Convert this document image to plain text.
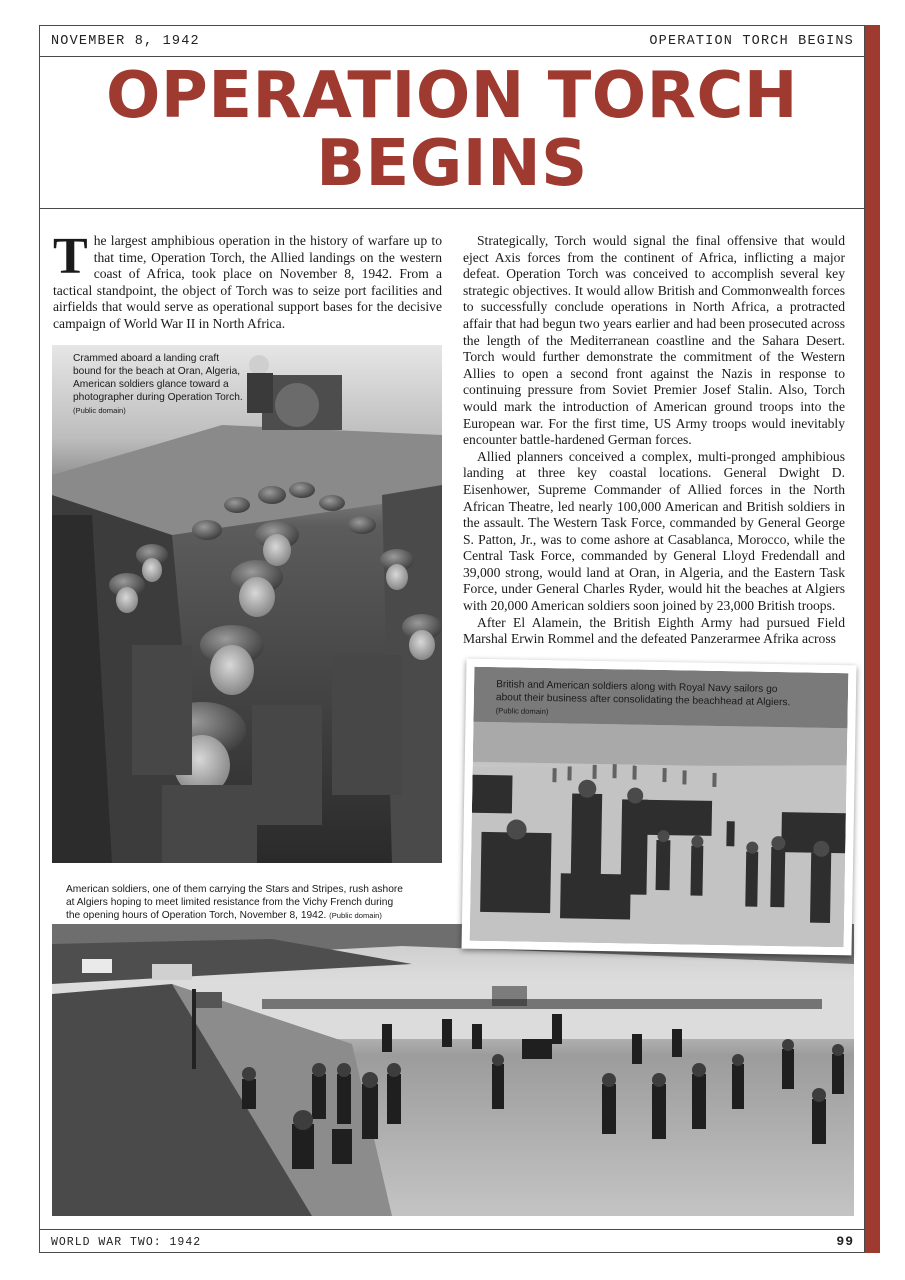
NOVEMBER 8, 1942	OPERATION TORCH BEGINS
OPERATION TORCH
BEGINS

The largest amphibious operation in the history of warfare up to that time, Operation Torch, the Allied landings on the western coast of Africa, took place on November 8, 1942. From a tactical standpoint, the object of Torch was to seize port facilities and airfields that would serve as operational support bases for the decisive campaign of World War II in North Africa.

Strategically, Torch would signal the final offensive that would eject Axis forces from the continent of Africa, inflicting a major defeat. Operation Torch was conceived to accomplish several key strategic objectives. It would allow British and Commonwealth forces to successfully conclude operations in North Africa, a protracted affair that had begun two years earlier and had been prosecuted across the length of the Mediterranean coastline and the Sahara Desert. Torch would further demonstrate the commitment of the Western Allies to open a second front against the Nazis in response to continuing pressure from Soviet Premier Josef Stalin. Also, Torch would mark the introduction of American ground troops into the European war. For the first time, US Army troops would inevitably encounter battle-hardened German forces.

Allied planners conceived a complex, multi-pronged amphibious landing at three key coastal locations. General Dwight D. Eisenhower, Supreme Commander of Allied forces in the North African Theatre, led nearly 100,000 American and British soldiers in the assault. The Western Task Force, commanded by General George S. Patton, Jr., was to come ashore at Casablanca, Morocco, while the Central Task Force, commanded by General Lloyd Fredendall and 39,000 strong, would land at Oran, in Algeria, and the Eastern Task Force, under General Charles Ryder, would hit the beaches at Algiers with 20,000 American soldiers soon joined by 23,000 British troops.

After El Alamein, the British Eighth Army had pursued Field Marshal Erwin Rommel and the defeated Panzerarmee Afrika across

Crammed aboard a landing craft bound for the beach at Oran, Algeria, American soldiers glance toward a photographer during Operation Torch. (Public domain)
American soldiers, one of them carrying the Stars and Stripes, rush ashore at Algiers hoping to meet limited resistance from the Vichy French during the opening hours of Operation Torch, November 8, 1942. (Public domain)
British and American soldiers along with Royal Navy sailors go about their business after consolidating the beachhead at Algiers. (Public domain)
WORLD WAR TWO: 1942	99
